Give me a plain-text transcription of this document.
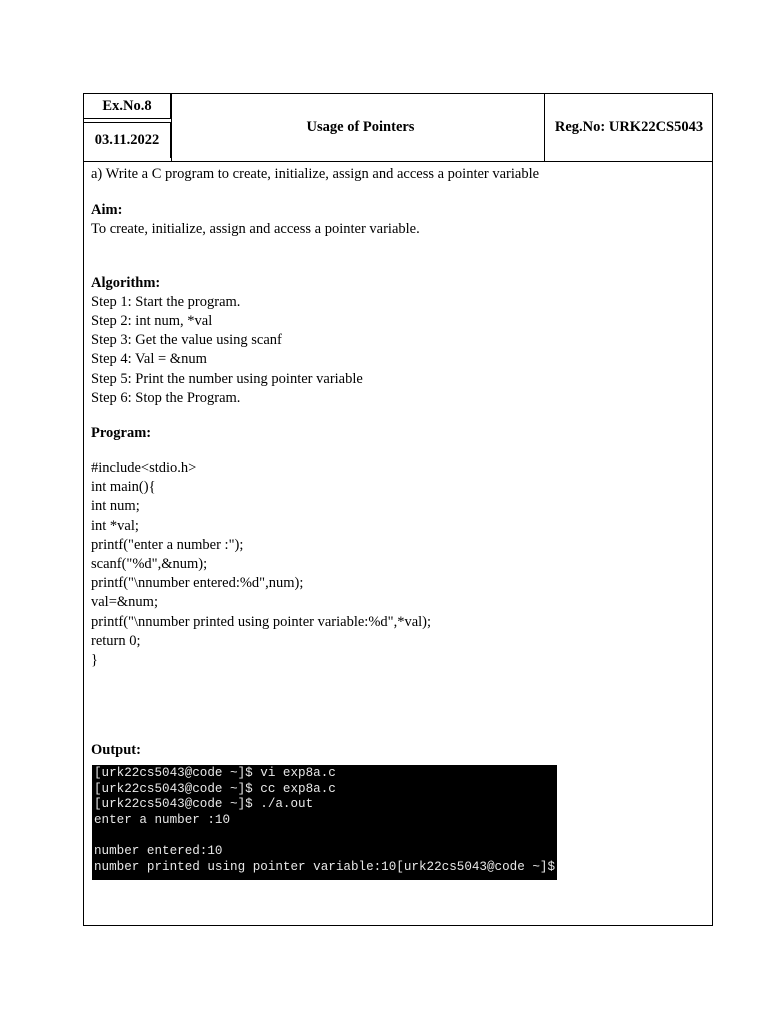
Ex.No.8
03.11.2022
Usage of Pointers	Reg.No: URK22CS5043
a) Write a C program to create, initialize, assign and access a pointer variable
Aim:
To create, initialize, assign and access a pointer variable.
Algorithm:
Step 1: Start the program.
Step 2: int num, *val
Step 3: Get the value using scanf
Step 4: Val = &num
Step 5: Print the number using pointer variable
Step 6: Stop the Program.
Program:
#include<stdio.h>
int main(){
int num;
int *val;
printf("enter a number :");
scanf("%d",&num);
printf("\nnumber entered:%d",num);
val=&num;
printf("\nnumber printed using pointer variable:%d",*val);
return 0;
}
Output:
[urk22cs5043@code ~]$ vi exp8a.c
[urk22cs5043@code ~]$ cc exp8a.c
[urk22cs5043@code ~]$ ./a.out
enter a number :10
number entered:10
number printed using pointer variable:10[urk22cs5043@code ~]$
